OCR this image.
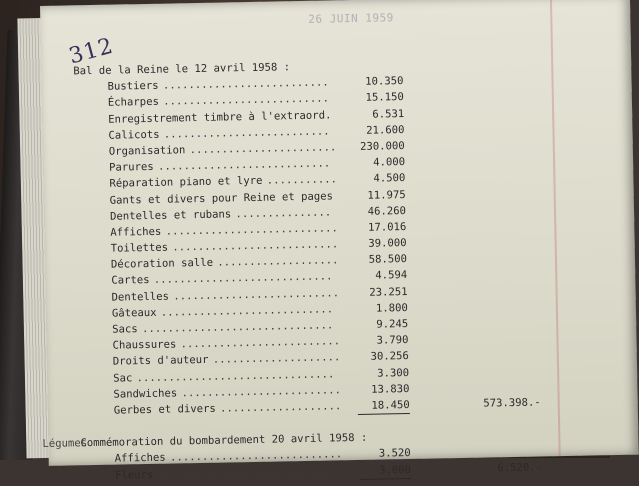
26 JUIN 1959
312
Bal de la Reine le 12 avril 1958 :
Bustiers ..........................	10.350
Écharpes ..........................	15.150
Enregistrement timbre à l'extraord.	6.531
Calicots ..........................	21.600
Organisation .......................	230.000
Parures ...........................	4.000
Réparation piano et lyre ...........	4.500
Gants et divers pour Reine et pages	11.975
Dentelles et rubans ...............	46.260
Affiches ...........................	17.016
Toilettes ..........................	39.000
Décoration salle ...................	58.500
Cartes ............................	4.594
Dentelles ..........................	23.251
Gâteaux ...........................	1.800
Sacs ..............................	9.245
Chaussures .........................	3.790
Droits d'auteur ....................	30.256
Sac ...............................	3.300
Sandwiches .........................	13.830
Gerbes et divers ...................	18.450	573.398.-
Commémoration du bombardement 20 avril 1958 :
Affiches ...........................	3.520
Fleurs .............................	3.000	6.520.-
Légumes
